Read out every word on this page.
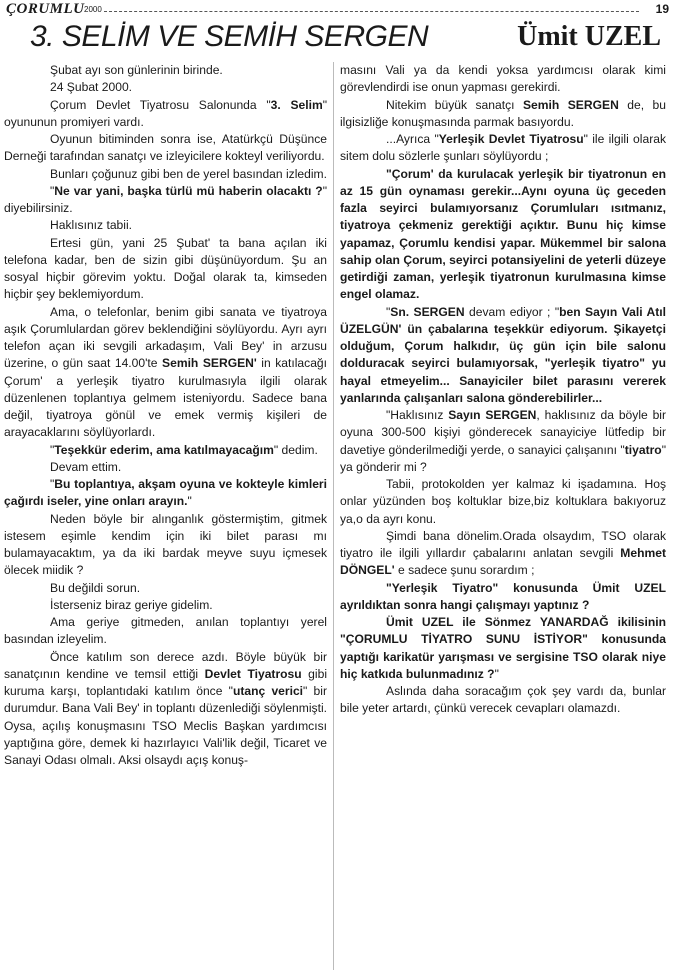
ÇORUMLU 2000	19
3. SELİM VE SEMİH SERGEN	Ümit UZEL

Şubat ayı son günlerinin birinde.

24 Şubat 2000.

Çorum Devlet Tiyatrosu Salonunda "3. Selim" oyununun promiyeri vardı.

Oyunun bitiminden sonra ise, Atatürkçü Düşünce Derneği tarafından sanatçı ve izleyicilere kokteyl veriliyordu.

Bunları çoğunuz gibi ben de yerel basından izledim.

"Ne var yani, başka türlü mü haberin olacaktı ?" diyebilirsiniz.

Haklısınız tabii.

Ertesi gün, yani 25 Şubat' ta bana açılan iki telefona kadar, ben de sizin gibi düşünüyordum. Şu an sosyal hiçbir görevim yoktu. Doğal olarak ta, kimseden hiçbir şey beklemiyordum.

Ama, o telefonlar, benim gibi sanata ve tiyatroya aşık Çorumlulardan görev beklendiğini söylüyordu. Ayrı ayrı telefon açan iki sevgili arkadaşım, Vali Bey' in arzusu üzerine, o gün saat 14.00'te Semih SERGEN' in katılacağı Çorum' a yerleşik tiyatro kurulmasıyla ilgili olarak düzenlenen toplantıya gelmem isteniyordu. Sadece bana değil, tiyatroya gönül ve emek vermiş kişileri de arayacaklarını söylüyorlardı.

"Teşekkür ederim, ama katılmayacağım" dedim.

Devam ettim.

"Bu toplantıya, akşam oyuna ve kokteyle kimleri çağırdı iseler, yine onları arayın."

Neden böyle bir alınganlık göstermiştim, gitmek istesem eşimle kendim için iki bilet parası mı bulamayacaktım, ya da iki bardak meyve suyu içmesek ölecek miidik ?

Bu değildi sorun.

İsterseniz biraz geriye gidelim.

Ama geriye gitmeden, anılan toplantıyı yerel basından izleyelim.

Önce katılım son derece azdı. Böyle büyük bir sanatçının kendine ve temsil ettiği Devlet Tiyatrosu gibi kuruma karşı, toplantıdaki katılım önce "utanç verici" bir durumdur. Bana Vali Bey' in toplantı düzenlediği söylenmişti. Oysa, açılış konuşmasını TSO Meclis Başkan yardımcısı yaptığına göre, demek ki hazırlayıcı Vali'lik değil, Ticaret ve Sanayi Odası olmalı. Aksi olsaydı açış konuş-

masını Vali ya da kendi yoksa yardımcısı olarak kimi görevlendirdi ise onun yapması gerekirdi.

Nitekim büyük sanatçı Semih SERGEN de, bu ilgisizliğe konuşmasında parmak basıyordu.

...Ayrıca "Yerleşik Devlet Tiyatrosu" ile ilgili olarak sitem dolu sözlerle şunları söylüyordu ;

"Çorum' da kurulacak yerleşik bir tiyatronun en az 15 gün oynaması gerekir...Aynı oyuna üç geceden fazla seyirci bulamıyorsanız Çorumluları ısıtmanız, tiyatroya çekmeniz gerektiği açıktır. Bunu hiç kimse yapamaz, Çorumlu kendisi yapar. Mükemmel bir salona sahip olan Çorum, seyirci potansiyelini de yeterli düzeye getirdiği zaman, yerleşik tiyatronun kurulmasına kimse engel olamaz.

"Sn. SERGEN devam ediyor ; "ben Sayın Vali Atıl ÜZELGÜN' ün çabalarına teşekkür ediyorum. Şikayetçi olduğum, Çorum halkıdır, üç gün için bile salonu dolduracak seyirci bulamıyorsak, "yerleşik tiyatro" yu hayal etmeyelim... Sanayiciler bilet parasını vererek yanlarında çalışanları salona gönderebilirler...

"Haklısınız Sayın SERGEN, haklısınız da böyle bir oyuna 300-500 kişiyi gönderecek sanayiciye lütfedip bir davetiye gönderilmediği yerde, o sanayici çalışanını "tiyatro" ya gönderir mi ?

Tabii, protokolden yer kalmaz ki işadamına. Hoş onlar yüzünden boş koltuklar bize,biz koltuklara bakıyoruz ya,o da ayrı konu.

Şimdi bana dönelim.Orada olsaydım, TSO olarak tiyatro ile ilgili yıllardır çabalarını anlatan sevgili Mehmet DÖNGEL' e sadece şunu sorardım ;

"Yerleşik Tiyatro" konusunda Ümit UZEL ayrıldıktan sonra hangi çalışmayı yaptınız ?

Ümit UZEL ile Sönmez YANARDAĞ ikilisinin "ÇORUMLU TİYATRO SUNU İSTİYOR" konusunda yaptığı karikatür yarışması ve sergisine TSO olarak niye hiç katkıda bulunmadınız ?"

Aslında daha soracağım çok şey vardı da, bunlar bile yeter artardı, çünkü verecek cevapları olamazdı.
